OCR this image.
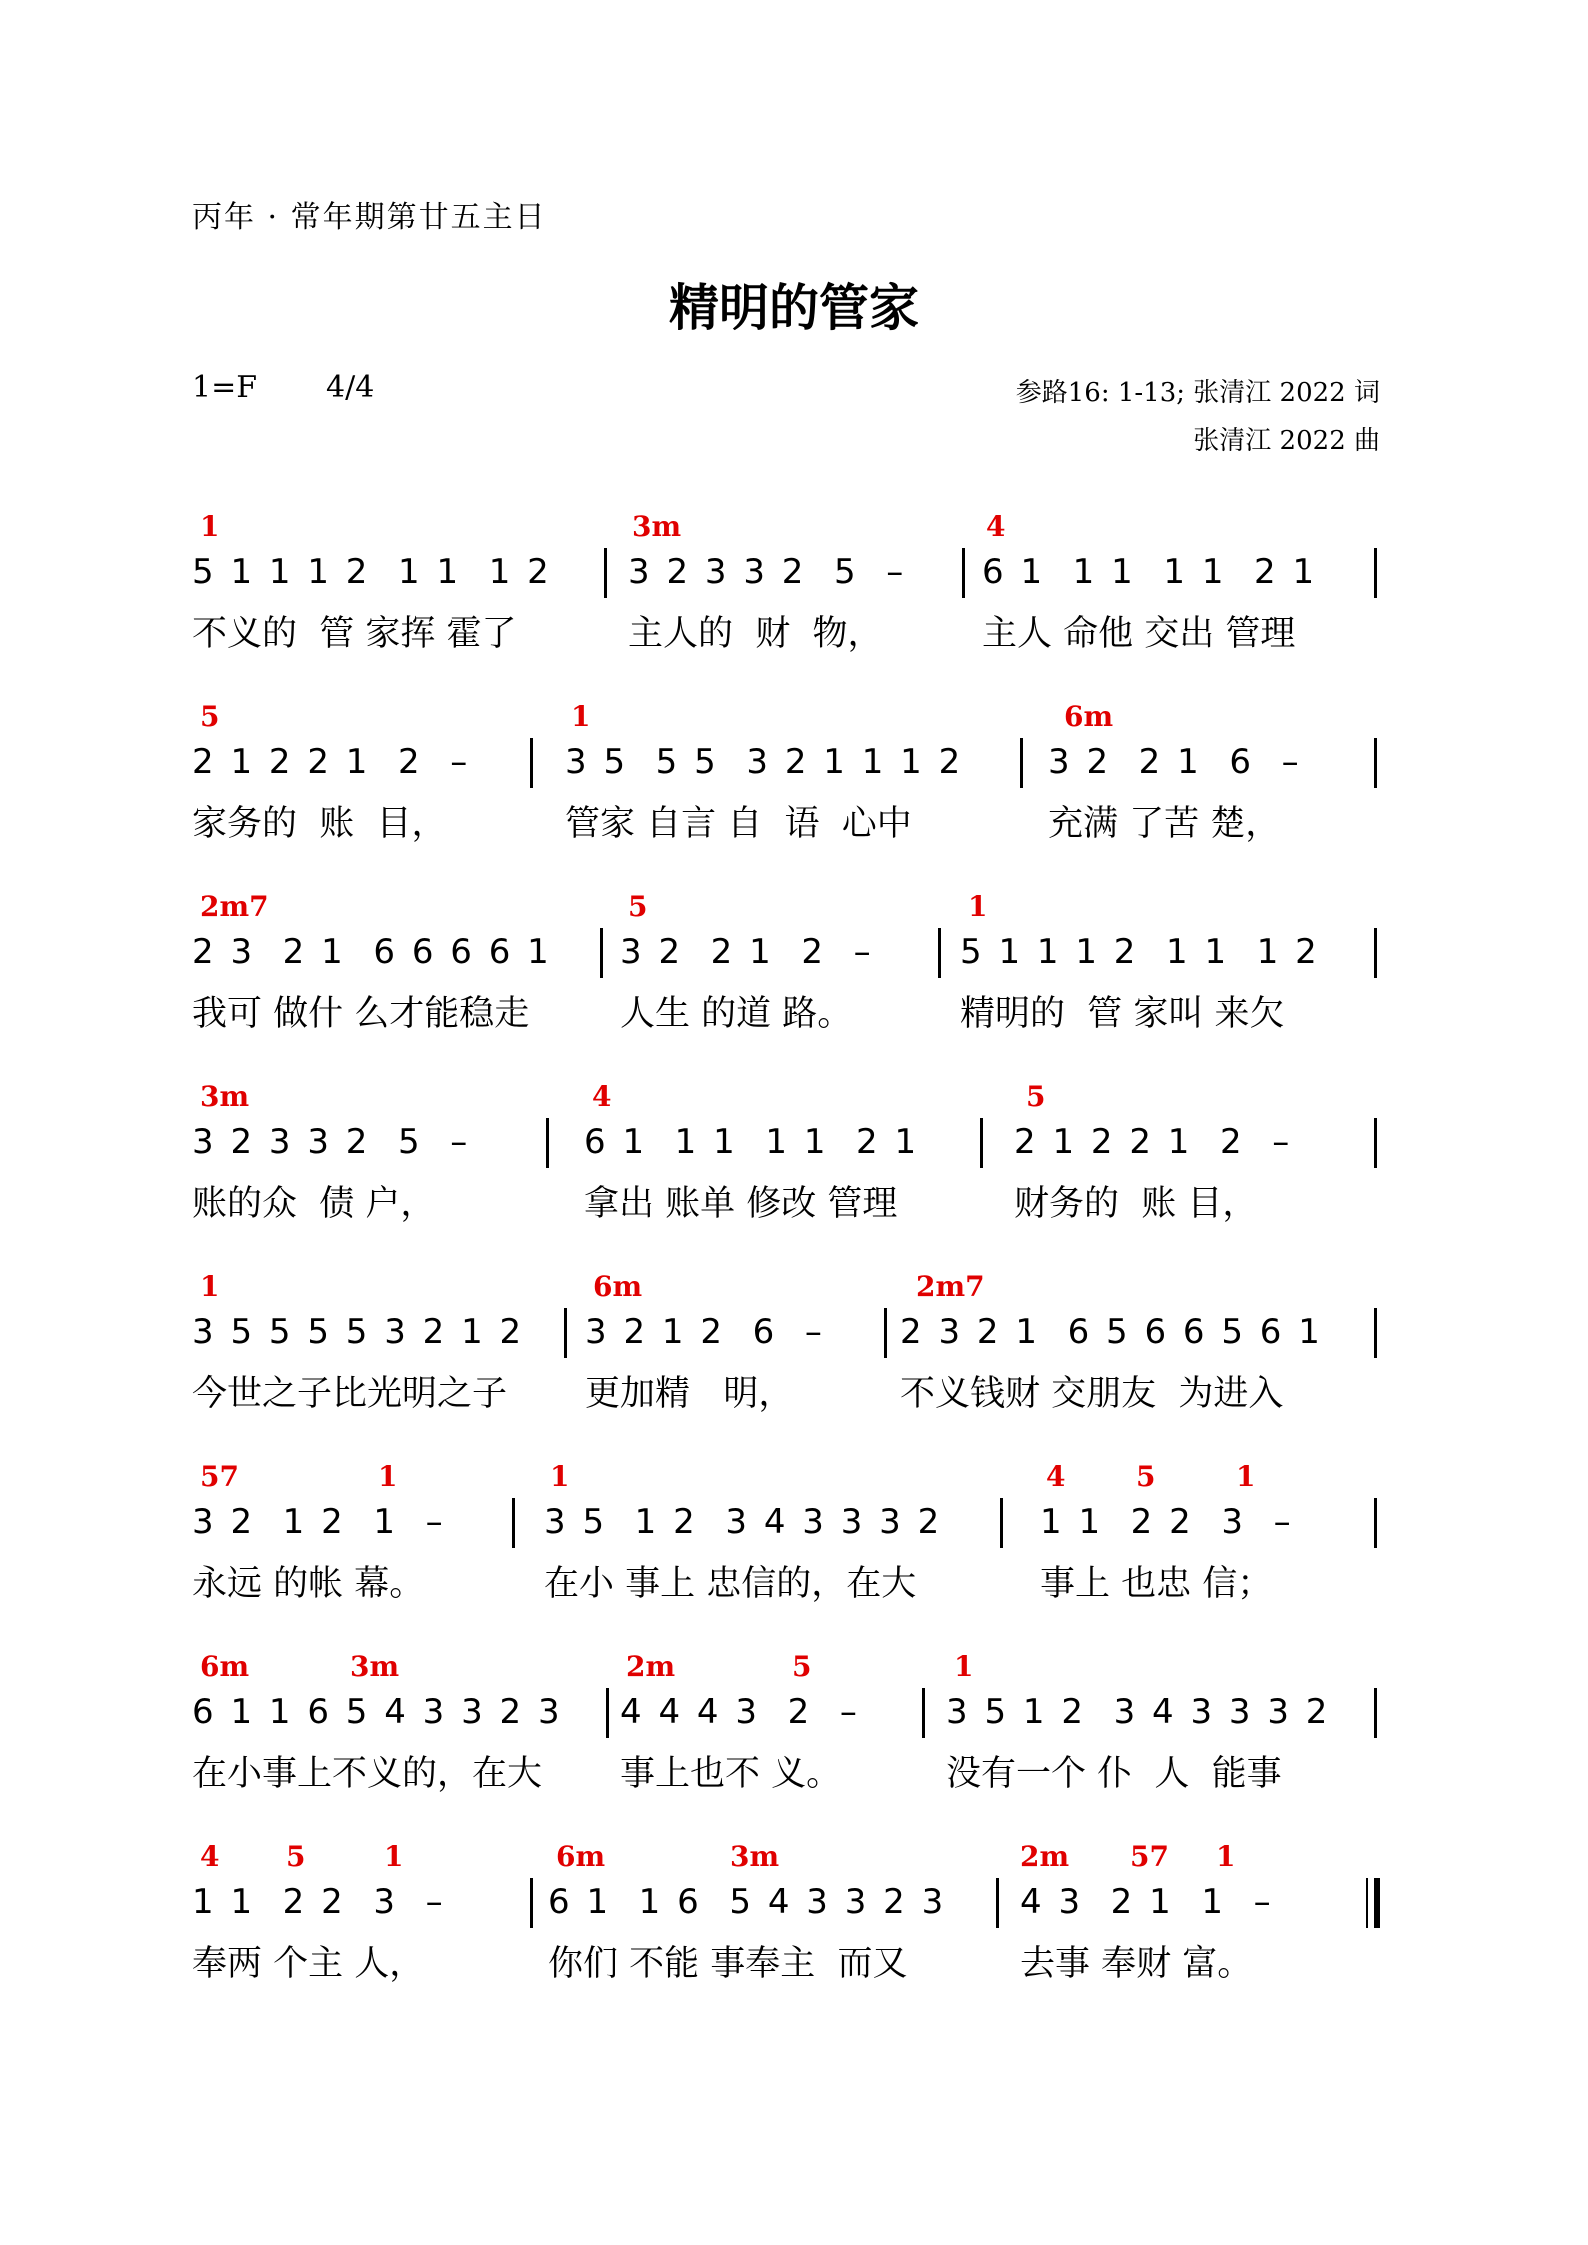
丙年 · 常年期第廿五主日
精明的管家
1=F 4/4	参路16: 1-13; 张清江 2022 词
张清江 2022 曲
1
5 1 1 1 2  1 1  1 2
不义的  管 家挥 霍了
3m
3 2 3 3 2  5  –
主人的  财  物，
4
6 1  1 1  1 1  2 1
主人 命他 交出 管理
5
2 1 2 2 1  2  –
家务的  账  目，
1
3 5  5 5  3 2 1 1 1 2
管家 自言 自  语  心中
6m
3 2  2 1  6  –
充满 了苦 楚，
2m7
2 3  2 1  6 6 6 6 1
我可 做什 么才能稳走
5
3 2  2 1  2  –
人生 的道 路。
1
5 1 1 1 2  1 1  1 2
精明的  管 家叫 来欠
3m
3 2 3 3 2  5  –
账的众  债 户，
4
6 1  1 1  1 1  2 1
拿出 账单 修改 管理
5
2 1 2 2 1  2  –
财务的  账 目，
1
3 5 5 5 5 3 2 1 2
今世之子比光明之子
6m
3 2 1 2  6  –
更加精   明，
2m7
2 3 2 1  6 5 6 6 5 6 1
不义钱财 交朋友  为进入
57	1
3 2  1 2  1  –
永远 的帐 幕。
1
3 5  1 2  3 4 3 3 3 2
在小 事上 忠信的，在大
4	5	1
1 1  2 2  3  –
事上 也忠 信；
6m	3m
6 1 1 6 5 4 3 3 2 3
在小事上不义的，在大
2m	5
4 4 4 3  2  –
事上也不 义。
1
3 5 1 2  3 4 3 3 3 2
没有一个 仆  人  能事
4 5	1
1 1  2 2  3  –
奉两 个主 人，
6m	3m
6 1  1 6  5 4 3 3 2 3
你们 不能 事奉主  而又
2m 57 1
4 3  2 1  1  –
去事 奉财 富。
